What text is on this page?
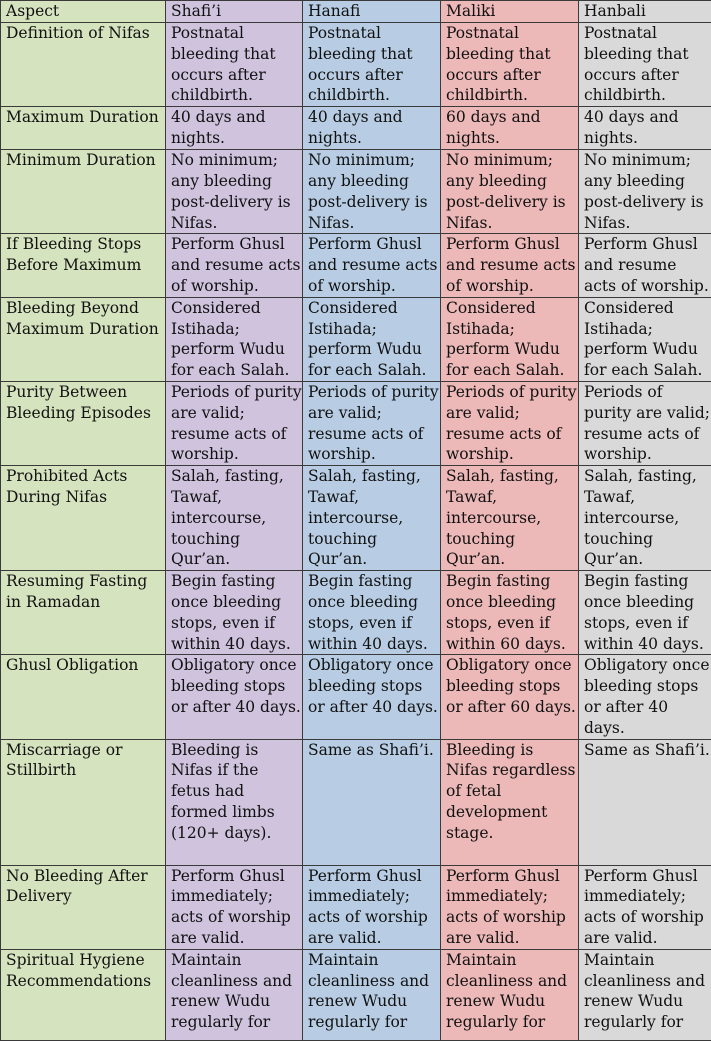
Aspect	Shafi’i	Hanafi	Maliki	Hanbali
Definition of Nifas	Postnatal bleeding that occurs after childbirth.	Postnatal bleeding that occurs after childbirth.	Postnatal bleeding that occurs after childbirth.	Postnatal bleeding that occurs after childbirth.
Maximum Duration	40 days and nights.	40 days and nights.	60 days and nights.	40 days and nights.
Minimum Duration	No minimum; any bleeding post-delivery is Nifas.	No minimum; any bleeding post-delivery is Nifas.	No minimum; any bleeding post-delivery is Nifas.	No minimum; any bleeding post-delivery is Nifas.
If Bleeding Stops Before Maximum	Perform Ghusl and resume acts of worship.	Perform Ghusl and resume acts of worship.	Perform Ghusl and resume acts of worship.	Perform Ghusl and resume acts of worship.
Bleeding Beyond Maximum Duration	Considered Istihada; perform Wudu for each Salah.	Considered Istihada; perform Wudu for each Salah.	Considered Istihada; perform Wudu for each Salah.	Considered Istihada; perform Wudu for each Salah.
Purity Between Bleeding Episodes	Periods of purity are valid; resume acts of worship.	Periods of purity are valid; resume acts of worship.	Periods of purity are valid; resume acts of worship.	Periods of purity are valid; resume acts of worship.
Prohibited Acts During Nifas	Salah, fasting, Tawaf, intercourse, touching Qur’an.	Salah, fasting, Tawaf, intercourse, touching Qur’an.	Salah, fasting, Tawaf, intercourse, touching Qur’an.	Salah, fasting, Tawaf, intercourse, touching Qur’an.
Resuming Fasting in Ramadan	Begin fasting once bleeding stops, even if within 40 days.	Begin fasting once bleeding stops, even if within 40 days.	Begin fasting once bleeding stops, even if within 60 days.	Begin fasting once bleeding stops, even if within 40 days.
Ghusl Obligation	Obligatory once bleeding stops or after 40 days.	Obligatory once bleeding stops or after 40 days.	Obligatory once bleeding stops or after 60 days.	Obligatory once bleeding stops or after 40 days.
Miscarriage or Stillbirth	Bleeding is Nifas if the fetus had formed limbs (120+ days).	Same as Shafi’i.	Bleeding is Nifas regardless of fetal development stage.	Same as Shafi’i.
No Bleeding After Delivery	Perform Ghusl immediately; acts of worship are valid.	Perform Ghusl immediately; acts of worship are valid.	Perform Ghusl immediately; acts of worship are valid.	Perform Ghusl immediately; acts of worship are valid.
Spiritual Hygiene Recommendations	Maintain cleanliness and renew Wudu regularly for	Maintain cleanliness and renew Wudu regularly for	Maintain cleanliness and renew Wudu regularly for	Maintain cleanliness and renew Wudu regularly for
